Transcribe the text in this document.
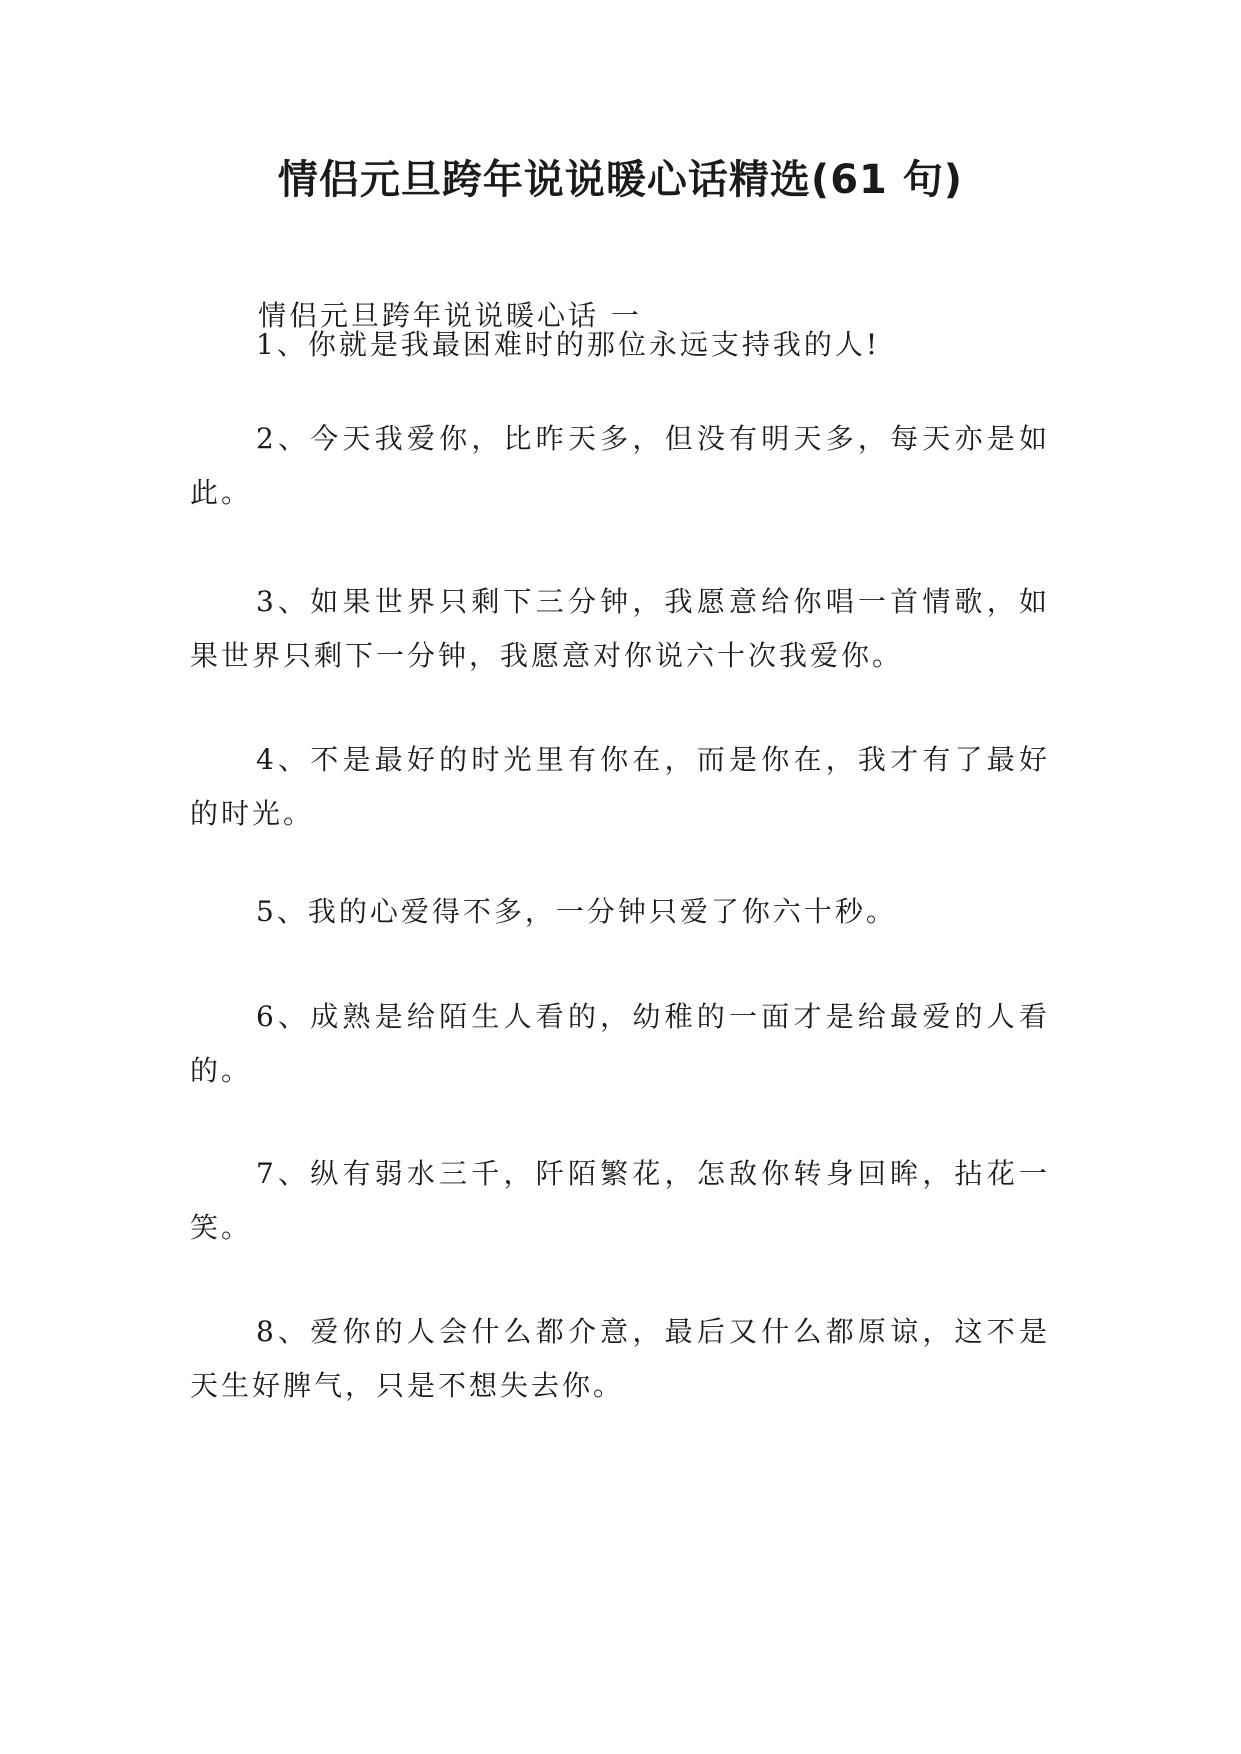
情侣元旦跨年说说暖心话精选(61 句)
情侣元旦跨年说说暖心话 一

1、你就是我最困难时的那位永远支持我的人!

2、今天我爱你，比昨天多，但没有明天多，每天亦是如此。

3、如果世界只剩下三分钟，我愿意给你唱一首情歌，如果世界只剩下一分钟，我愿意对你说六十次我爱你。

4、不是最好的时光里有你在，而是你在，我才有了最好的时光。

5、我的心爱得不多，一分钟只爱了你六十秒。

6、成熟是给陌生人看的，幼稚的一面才是给最爱的人看的。

7、纵有弱水三千，阡陌繁花，怎敌你转身回眸，拈花一笑。

8、爱你的人会什么都介意，最后又什么都原谅，这不是天生好脾气，只是不想失去你。
